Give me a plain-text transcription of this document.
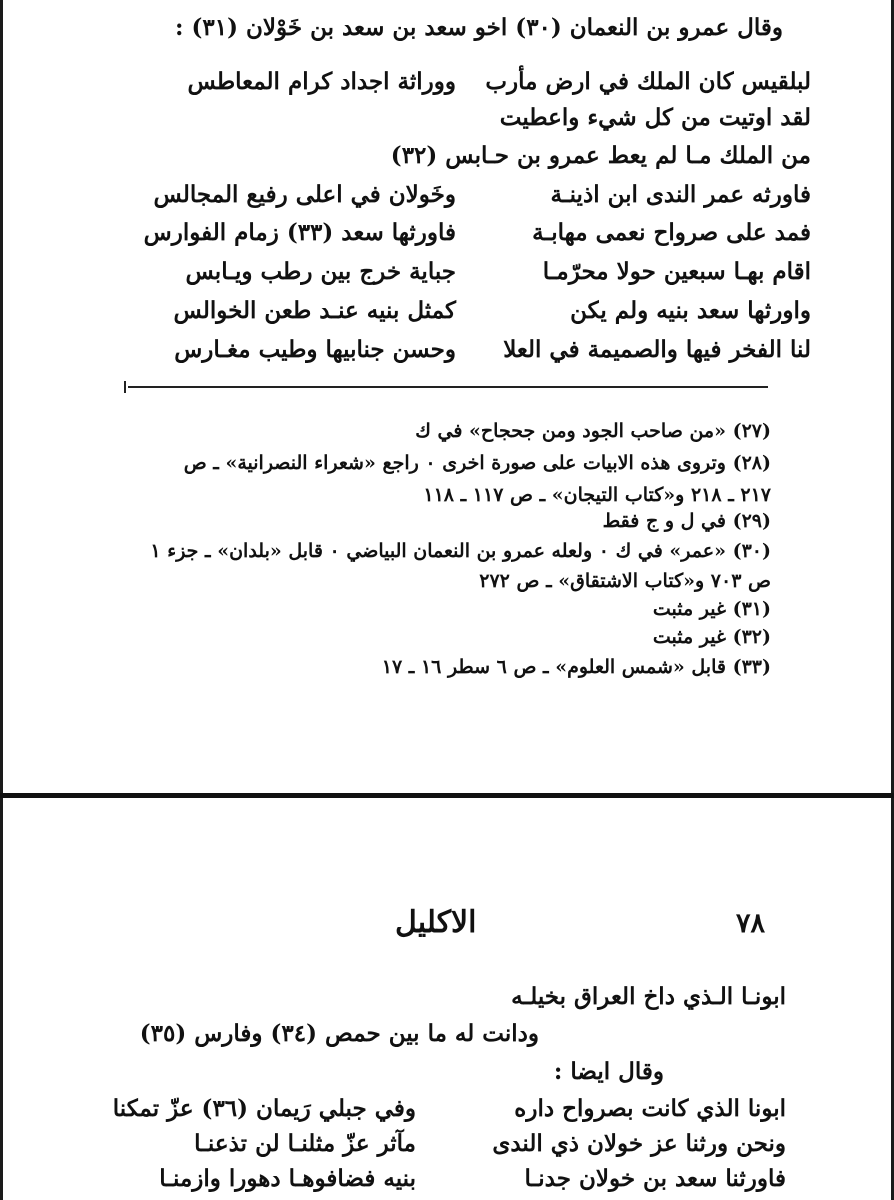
وقال عمرو بن النعمان (٣٠) اخو سعد بن سعد بن خَوْلان (٣١) :
لبلقيس كان الملك في ارض مأرب
ووراثة اجداد كرام المعاطس
لقد اوتيت من كل شيء واعطيت
من الملك مـا لم يعط عمرو بن حـابس (٣٢)
فاورثه عمر الندى ابن اذينـة
وخَولان في اعلى رفيع المجالس
فمد على صرواح نعمى مهابـة
فاورثها سعد (٣٣) زمام الفوارس
اقام بهـا سبعين حولا محرّمـا
جباية خرج بين رطب ويـابس
واورثها سعد بنيه ولم يكن
كمثل بنيه عنـد طعن الخوالس
لنا الفخر فيها والصميمة في العلا
وحسن جنابيها وطيب مغـارس
(٢٧) «من صاحب الجود ومن جحجاح» في ك
(٢٨) وتروى هذه الابيات على صورة اخرى ٠ راجع «شعراء النصرانية» ـ ص
٢١٧ ـ ٢١٨ و«كتاب التيجان» ـ ص ١١٧ ـ ١١٨
(٢٩) في ل و ج فقط
(٣٠) «عمر» في ك ٠ ولعله عمرو بن النعمان البياضي ٠ قابل «بلدان» ـ جزء ١
ص ٧٠٣ و«كتاب الاشتقاق» ـ ص ٢٧٢
(٣١) غير مثبت
(٣٢) غير مثبت
(٣٣) قابل «شمس العلوم» ـ ص ٦ سطر ١٦ ـ ١٧
٧٨
الاكليل
ابونـا الـذي داخ العراق بخيلـه
ودانت له ما بين حمص (٣٤) وفارس (٣٥)
وقال ايضا :
ابونا الذي كانت بصرواح داره
وفي جبلي رَيمان (٣٦) عزّ تمكنا
ونحن ورثنا عز خولان ذي الندى
مآثر عزّ مثلنـا لن تذعنـا
فاورثنا سعد بن خولان جدنـا
بنيه فضافوهـا دهورا وازمنـا
